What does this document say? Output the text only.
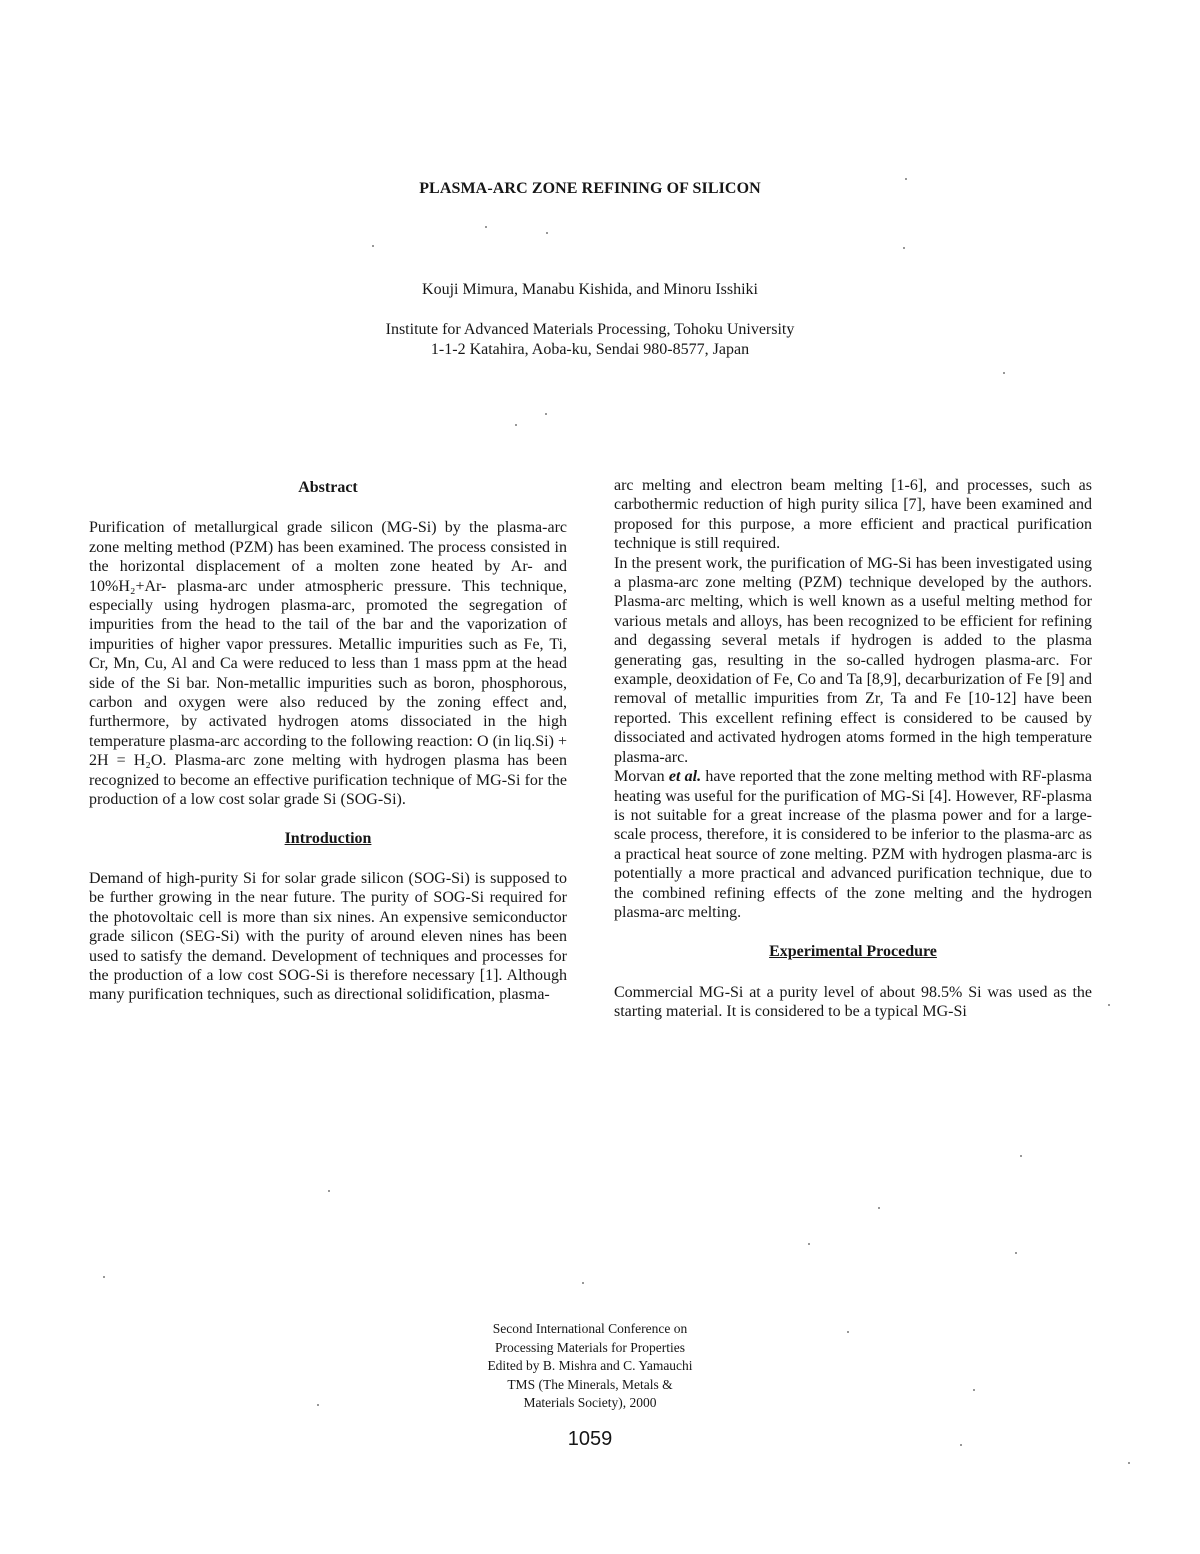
PLASMA-ARC ZONE REFINING OF SILICON
Kouji Mimura, Manabu Kishida, and Minoru Isshiki
Institute for Advanced Materials Processing, Tohoku University
1-1-2 Katahira, Aoba-ku, Sendai 980-8577, Japan
Abstract

Purification of metallurgical grade silicon (MG-Si) by the plasma-arc zone melting method (PZM) has been examined. The process consisted in the horizontal displacement of a molten zone heated by Ar- and 10%H₂+Ar- plasma-arc under atmospheric pressure. This technique, especially using hydrogen plasma-arc, promoted the segregation of impurities from the head to the tail of the bar and the vaporization of impurities of higher vapor pressures. Metallic impurities such as Fe, Ti, Cr, Mn, Cu, Al and Ca were reduced to less than 1 mass ppm at the head side of the Si bar. Non-metallic impurities such as boron, phosphorous, carbon and oxygen were also reduced by the zoning effect and, furthermore, by activated hydrogen atoms dissociated in the high temperature plasma-arc according to the following reaction: O (in liq.Si) + 2H = H₂O. Plasma-arc zone melting with hydrogen plasma has been recognized to become an effective purification technique of MG-Si for the production of a low cost solar grade Si (SOG-Si).

Introduction

Demand of high-purity Si for solar grade silicon (SOG-Si) is supposed to be further growing in the near future. The purity of SOG-Si required for the photovoltaic cell is more than six nines. An expensive semiconductor grade silicon (SEG-Si) with the purity of around eleven nines has been used to satisfy the demand. Development of techniques and processes for the production of a low cost SOG-Si is therefore necessary [1]. Although many purification techniques, such as directional solidification, plasma-

arc melting and electron beam melting [1-6], and processes, such as carbothermic reduction of high purity silica [7], have been examined and proposed for this purpose, a more efficient and practical purification technique is still required.

In the present work, the purification of MG-Si has been investigated using a plasma-arc zone melting (PZM) technique developed by the authors. Plasma-arc melting, which is well known as a useful melting method for various metals and alloys, has been recognized to be efficient for refining and degassing several metals if hydrogen is added to the plasma generating gas, resulting in the so-called hydrogen plasma-arc. For example, deoxidation of Fe, Co and Ta [8,9], decarburization of Fe [9] and removal of metallic impurities from Zr, Ta and Fe [10-12] have been reported. This excellent refining effect is considered to be caused by dissociated and activated hydrogen atoms formed in the high temperature plasma-arc.

Morvan et al. have reported that the zone melting method with RF-plasma heating was useful for the purification of MG-Si [4]. However, RF-plasma is not suitable for a great increase of the plasma power and for a large-scale process, therefore, it is considered to be inferior to the plasma-arc as a practical heat source of zone melting. PZM with hydrogen plasma-arc is potentially a more practical and advanced purification technique, due to the combined refining effects of the zone melting and the hydrogen plasma-arc melting.

Experimental Procedure

Commercial MG-Si at a purity level of about 98.5% Si was used as the starting material. It is considered to be a typical MG-Si

Second International Conference on
Processing Materials for Properties
Edited by B. Mishra and C. Yamauchi
TMS (The Minerals, Metals &
Materials Society), 2000
1059
